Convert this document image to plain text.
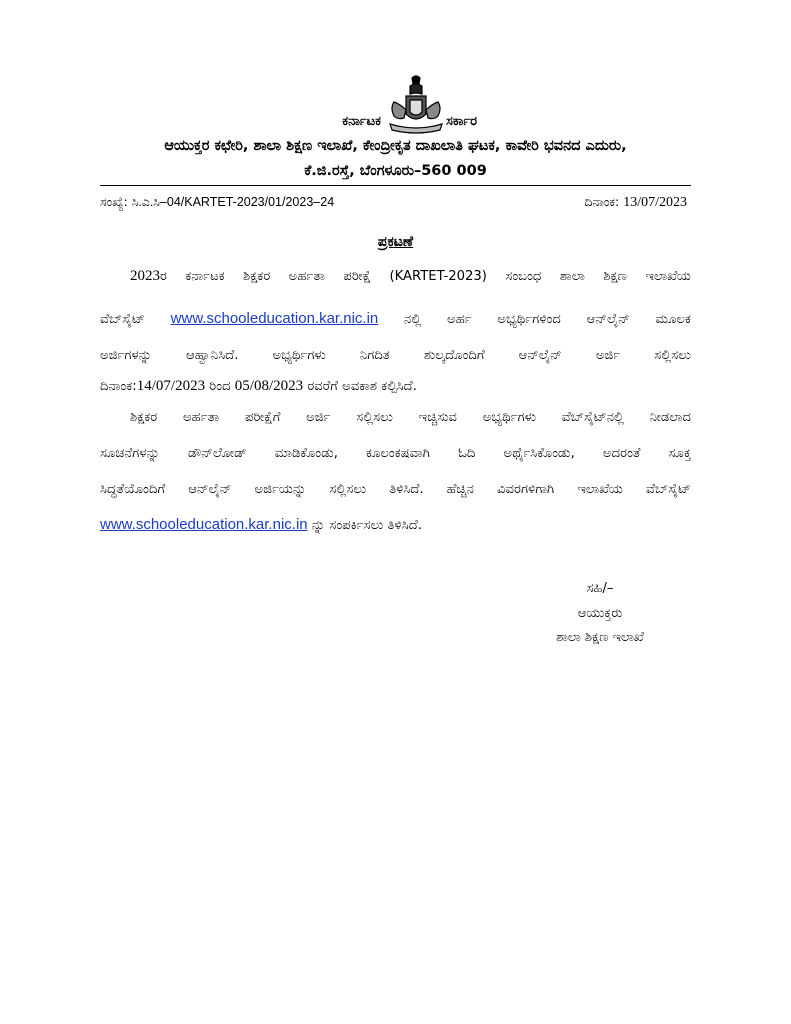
ಕರ್ನಾಟಕ	ಸರ್ಕಾರ
ಆಯುಕ್ತರ ಕಛೇರಿ, ಶಾಲಾ ಶಿಕ್ಷಣ ಇಲಾಖೆ, ಕೇಂದ್ರೀಕೃತ ದಾಖಲಾತಿ ಘಟಕ, ಕಾವೇರಿ ಭವನದ ಎದುರು,
ಕೆ.ಜಿ.ರಸ್ತೆ, ಬೆಂಗಳೂರು–560 009
ಸಂಖ್ಯೆ: ಸಿ.ಎ.ಸಿ–04/KARTET-2023/01/2023–24	ದಿನಾಂಕ: 13/07/2023
ಪ್ರಕಟಣೆ
2023ರ ಕರ್ನಾಟಕ ಶಿಕ್ಷಕರ ಅರ್ಹತಾ ಪರೀಕ್ಷೆ (KARTET-2023) ಸಂಬಂಧ ಶಾಲಾ ಶಿಕ್ಷಣ ಇಲಾಖೆಯ
ವೆಬ್‌ಸೈಟ್ www.schooleducation.kar.nic.in ನಲ್ಲಿ ಅರ್ಹ ಅಭ್ಯರ್ಥಿಗಳಿಂದ ಆನ್‌ಲೈನ್ ಮೂಲಕ
ಅರ್ಜಿಗಳನ್ನು ಆಹ್ವಾನಿಸಿದೆ. ಅಭ್ಯರ್ಥಿಗಳು ನಿಗದಿತ ಶುಲ್ಕದೊಂದಿಗೆ ಆನ್‌ಲೈನ್ ಅರ್ಜಿ ಸಲ್ಲಿಸಲು
ದಿನಾಂಕ:14/07/2023 ರಿಂದ 05/08/2023 ರವರೆಗೆ ಅವಕಾಶ ಕಲ್ಪಿಸಿದೆ.
ಶಿಕ್ಷಕರ ಅರ್ಹತಾ ಪರೀಕ್ಷೆಗೆ ಅರ್ಜಿ ಸಲ್ಲಿಸಲು ಇಚ್ಚಿಸುವ ಅಭ್ಯರ್ಥಿಗಳು ವೆಬ್‌ಸೈಟ್‌ನಲ್ಲಿ ನೀಡಲಾದ
ಸೂಚನೆಗಳನ್ನು ಡೌನ್‌ಲೋಡ್ ಮಾಡಿಕೊಂಡು, ಕೂಲಂಕಷವಾಗಿ ಓದಿ ಅರ್ಥೈಸಿಕೊಂಡು, ಅದರಂತೆ ಸೂಕ್ತ
ಸಿದ್ಧತೆಯೊಂದಿಗೆ ಆನ್‌ಲೈನ್ ಅರ್ಜಿಯನ್ನು ಸಲ್ಲಿಸಲು ತಿಳಿಸಿದೆ. ಹೆಚ್ಚಿನ ವಿವರಗಳಿಗಾಗಿ ಇಲಾಖೆಯ ವೆಬ್‌ಸೈಟ್
www.schooleducation.kar.nic.in ನ್ನು ಸಂಪರ್ಕಿಸಲು ತಿಳಿಸಿದೆ.
ಸಹಿ/–
ಆಯುಕ್ತರು
ಶಾಲಾ ಶಿಕ್ಷಣ ಇಲಾಖೆ
